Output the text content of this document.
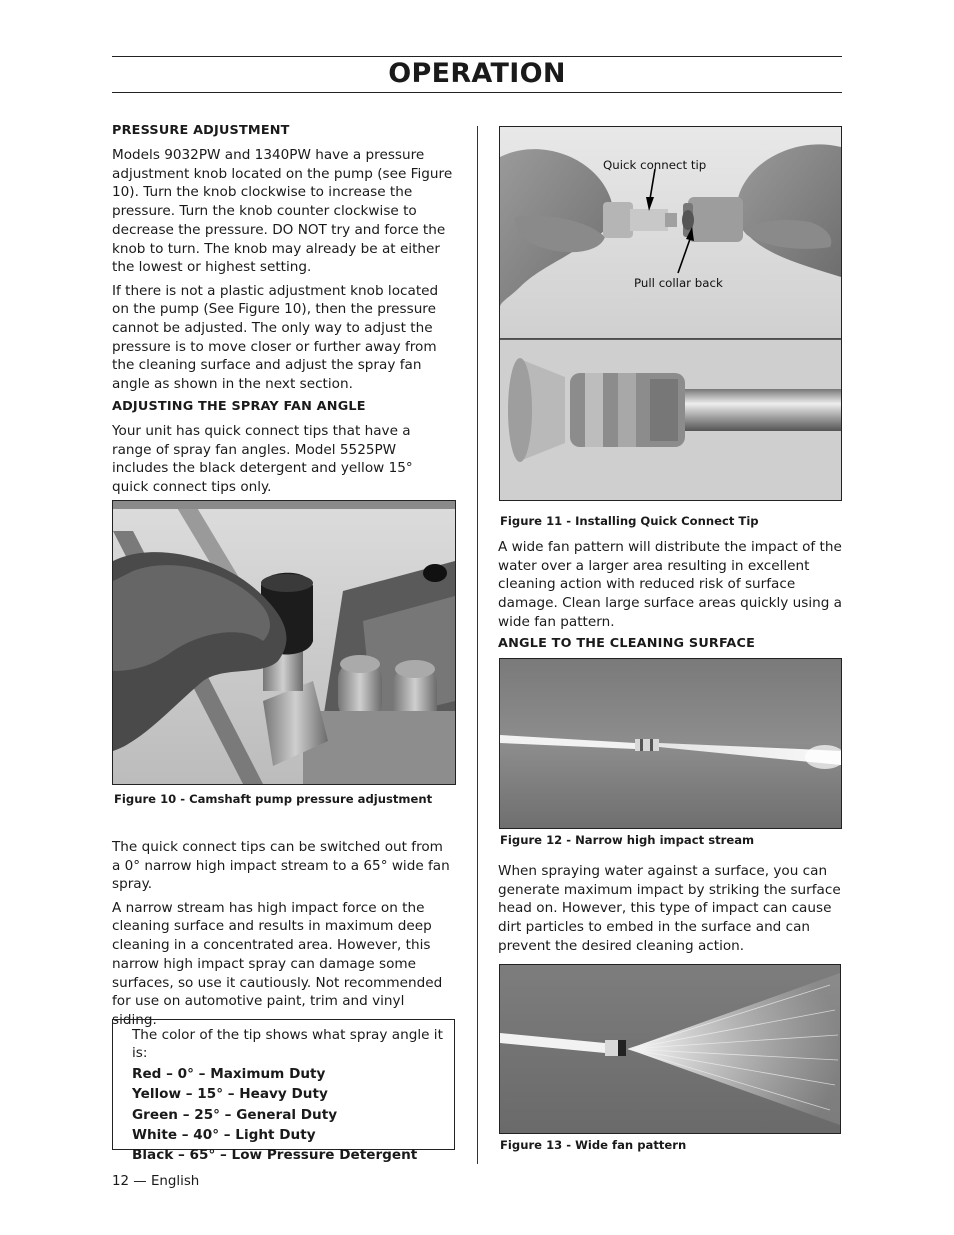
OPERATION
PRESSURE ADJUSTMENT

Models 9032PW and 1340PW have a pressure adjustment knob located on the pump (see Figure 10). Turn the knob clockwise to increase the pressure. Turn the knob counter clockwise to decrease the pressure. DO NOT try and force the knob to turn. The knob may already be at either the lowest or highest setting.

If there is not a plastic adjustment knob located on the pump (See Figure 10), then the pressure cannot be adjusted. The only way to adjust the pressure is to move closer or further away from the cleaning surface and adjust the spray fan angle as shown in the next section.

ADJUSTING THE SPRAY FAN ANGLE

Your unit has quick connect tips that have a range of spray fan angles. Model 5525PW includes the black detergent and yellow 15° quick connect tips only.

Figure 10 - Camshaft pump pressure adjustment

The quick connect tips can be switched out from a 0° narrow high impact stream to a 65° wide fan spray.

A narrow stream has high impact force on the cleaning surface and results in maximum deep cleaning in a concentrated area. However, this narrow high impact spray can damage some surfaces, so use it cautiously. Not recommended for use on automotive paint, trim and vinyl siding.

The color of the tip shows what spray angle it is:
Red – 0° – Maximum Duty
Yellow – 15° – Heavy Duty
Green – 25° – General Duty
White – 40° – Light Duty
Black – 65° – Low Pressure Detergent
12 — English
Quick connect tip
Pull collar back
Figure 11 - Installing Quick Connect Tip

A wide fan pattern will distribute the impact of the water over a larger area resulting in excellent cleaning action with reduced risk of surface damage. Clean large surface areas quickly using a wide fan pattern.

ANGLE TO THE CLEANING SURFACE
Figure 12 - Narrow high impact stream

When spraying water against a surface, you can generate maximum impact by striking the surface head on. However, this type of impact can cause dirt particles to embed in the surface and can prevent the desired cleaning action.

Figure 13 - Wide fan pattern
